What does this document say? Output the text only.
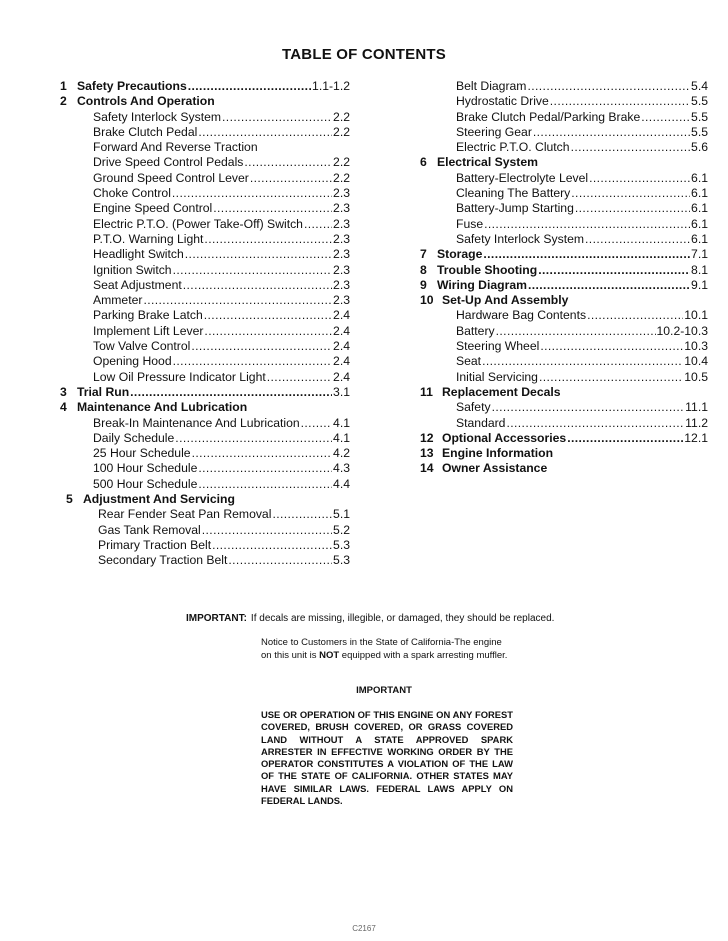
TABLE OF CONTENTS
1 Safety Precautions . . .	1.1-1.2
2 Controls And Operation
Safety Interlock System . . .	2.2
Brake Clutch Pedal . . .	2.2
Forward And Reverse Traction
Drive Speed Control Pedals . . .	2.2
Ground Speed Control Lever . . .	2.2
Choke Control . . .	2.3
Engine Speed Control . . .	2.3
Electric P.T.O. (Power Take-Off) Switch . . . 2.3
P.T.O. Warning Light . . .	2.3
Headlight Switch . . .	2.3
Ignition Switch . . .	2.3
Seat Adjustment . . .	2.3
Ammeter . . .	2.3
Parking Brake Latch . . .	2.4
Implement Lift Lever . . .	2.4
Tow Valve Control . . .	2.4
Opening Hood . . .	2.4
Low Oil Pressure Indicator Light . . .	2.4
3 Trial Run . . .	3.1
4 Maintenance And Lubrication
Break-In Maintenance And Lubrication . . .	4.1
Daily Schedule . . .	4.1
25 Hour Schedule . . .	4.2
100 Hour Schedule . . .	4.3
500 Hour Schedule . . .	4.4
5 Adjustment And Servicing
Rear Fender Seat Pan Removal . . .	5.1
Gas Tank Removal . . .	5.2
Primary Traction Belt . . .	5.3
Secondary Traction Belt . . .	5.3
Belt Diagram . . .	5.4
Hydrostatic Drive . . .	5.5
Brake Clutch Pedal/Parking Brake . . .	5.5
Steering Gear . . .	5.5
Electric P.T.O. Clutch . . .	5.6
6 Electrical System
Battery-Electrolyte Level . . .	6.1
Cleaning The Battery . . .	6.1
Battery-Jump Starting . . .	6.1
Fuse . . .	6.1
Safety Interlock System . . .	6.1
7 Storage . . .	7.1
8 Trouble Shooting . . .	8.1
9 Wiring Diagram . . .	9.1
10 Set-Up And Assembly
Hardware Bag Contents . . .	10.1
Battery . . .	10.2-10.3
Steering Wheel . . .	10.3
Seat . . .	10.4
Initial Servicing . . .	10.5
11 Replacement Decals
Safety . . .	11.1
Standard . . .	11.2
12 Optional Accessories . . .	12.1
13 Engine Information
14 Owner Assistance
IMPORTANT: If decals are missing, illegible, or damaged, they should be replaced.
Notice to Customers in the State of California-The engine on this unit is NOT equipped with a spark arresting muffler.
IMPORTANT
USE OR OPERATION OF THIS ENGINE ON ANY FOREST COVERED, BRUSH COVERED, OR GRASS COVERED LAND WITHOUT A STATE APPROVED SPARK ARRESTER IN EFFECTIVE WORKING ORDER BY THE OPERATOR CONSTITUTES A VIOLATION OF THE LAW OF THE STATE OF CALIFORNIA. OTHER STATES MAY HAVE SIMILAR LAWS. FEDERAL LAWS APPLY ON FEDERAL LANDS.
C2167
